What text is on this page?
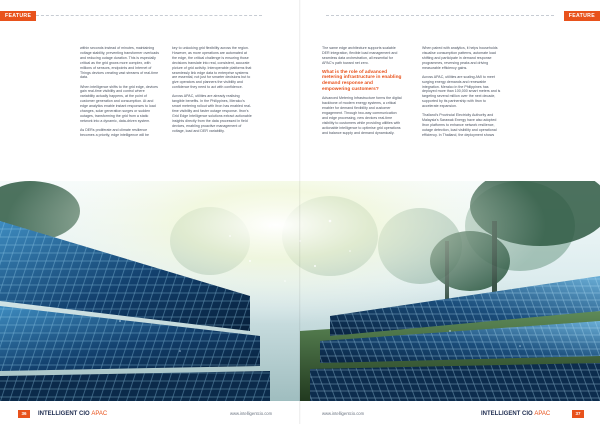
FEATURE

within seconds instead of minutes, maintaining voltage stability, preventing transformer overloads and reducing outage duration. This is especially critical as the grid grows more complex, with millions of sensors, endpoints and Internet of Things devices creating vast streams of real-time data.

When intelligence shifts to the grid edge, devices gain real-time visibility and control where variability actually happens, at the point of customer generation and consumption. At and edge analytics enable instant responses to load changes, solar generation surges or sudden outages, transforming the grid from a static network into a dynamic, data-driven system.

As DERs proliferate and climate resilience becomes a priority, edge intelligence will be

key to unlocking grid flexibility across the region. However, as more operations are automated at the edge, the critical challenge is ensuring those decisions translate into real, consistent, accurate picture of grid activity. Interoperable platforms that seamlessly link edge data to enterprise systems are essential, not just for smarter decisions but to give operators and planners the visibility and confidence they need to act with confidence.

Across APAC, utilities are already realising tangible benefits. In the Philippines, Meralco's smart metering rollout with Itron has enabled real-time visibility and faster outage response. Itron's Grid Edge Intelligence solutions extract actionable insights directly from the data processed in field devices, enabling proactive management of voltage, load and DER variability.

36	INTELLIGENT CIO APAC	www.intelligentcio.com
FEATURE

The same edge architecture supports scalable DER integration, flexible load management and seamless data orchestration, all essential for APAC's path toward net zero.

What is the role of advanced metering infrastructure in enabling demand response and empowering customers?

Advanced Metering Infrastructure forms the digital backbone of modern energy systems, a critical enabler for demand flexibility and customer engagement. Through two-way communication and edge processing, new devices real-time visibility to customers while providing utilities with actionable intelligence to optimise grid operations and balance supply and demand dynamically.

When paired with analytics, it helps households visualise consumption patterns, automate load shifting and participate in demand response programmes, reversing peaks and driving measurable efficiency gains.

Across APAC, utilities are scaling AMI to meet surging energy demands and renewable integration. Meralco in the Philippines has deployed more than 100,000 smart meters and is targeting several million over the next decade, supported by its partnership with Itron to accelerate expansion.

Thailand's Provincial Electricity Authority and Malaysia's Sarawak Energy have also adopted Itron platforms to enhance network resilience, outage detection, load visibility and operational efficiency. In Thailand, the deployment shows

www.intelligentcio.com	INTELLIGENT CIO APAC	37
